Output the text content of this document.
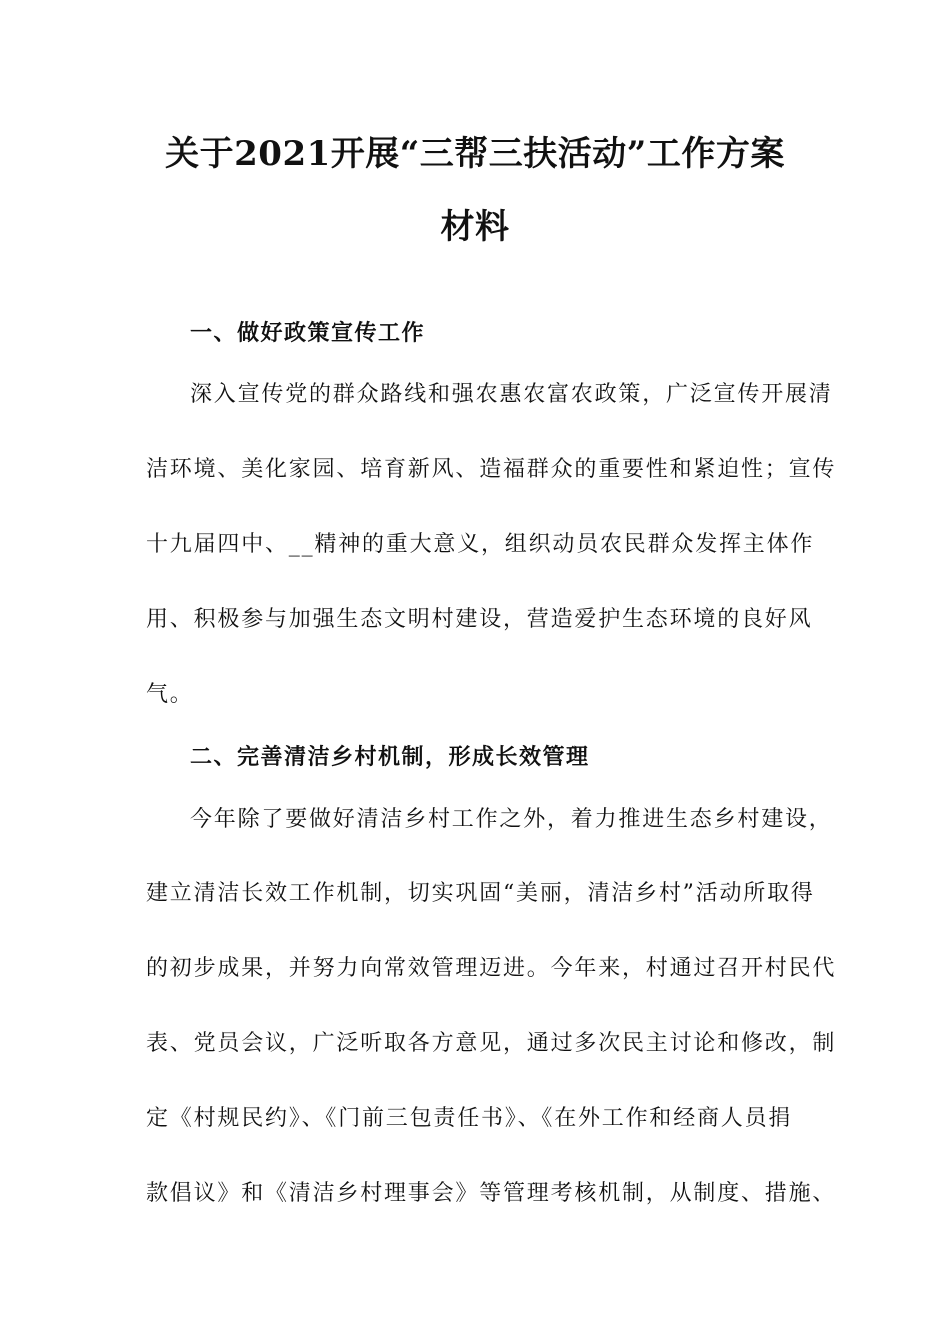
关于2021开展“三帮三扶活动”工作方案
材料
一、做好政策宣传工作
深入宣传党的群众路线和强农惠农富农政策，广泛宣传开展清
洁环境、美化家园、培育新风、造福群众的重要性和紧迫性；宣传
十九届四中、__精神的重大意义，组织动员农民群众发挥主体作
用、积极参与加强生态文明村建设，营造爱护生态环境的良好风
气。
二、完善清洁乡村机制，形成长效管理
今年除了要做好清洁乡村工作之外，着力推进生态乡村建设，
建立清洁长效工作机制，切实巩固“美丽，清洁乡村”活动所取得
的初步成果，并努力向常效管理迈进。今年来，村通过召开村民代
表、党员会议，广泛听取各方意见，通过多次民主讨论和修改，制
定《村规民约》、《门前三包责任书》、《在外工作和经商人员捐
款倡议》和《清洁乡村理事会》等管理考核机制，从制度、措施、
